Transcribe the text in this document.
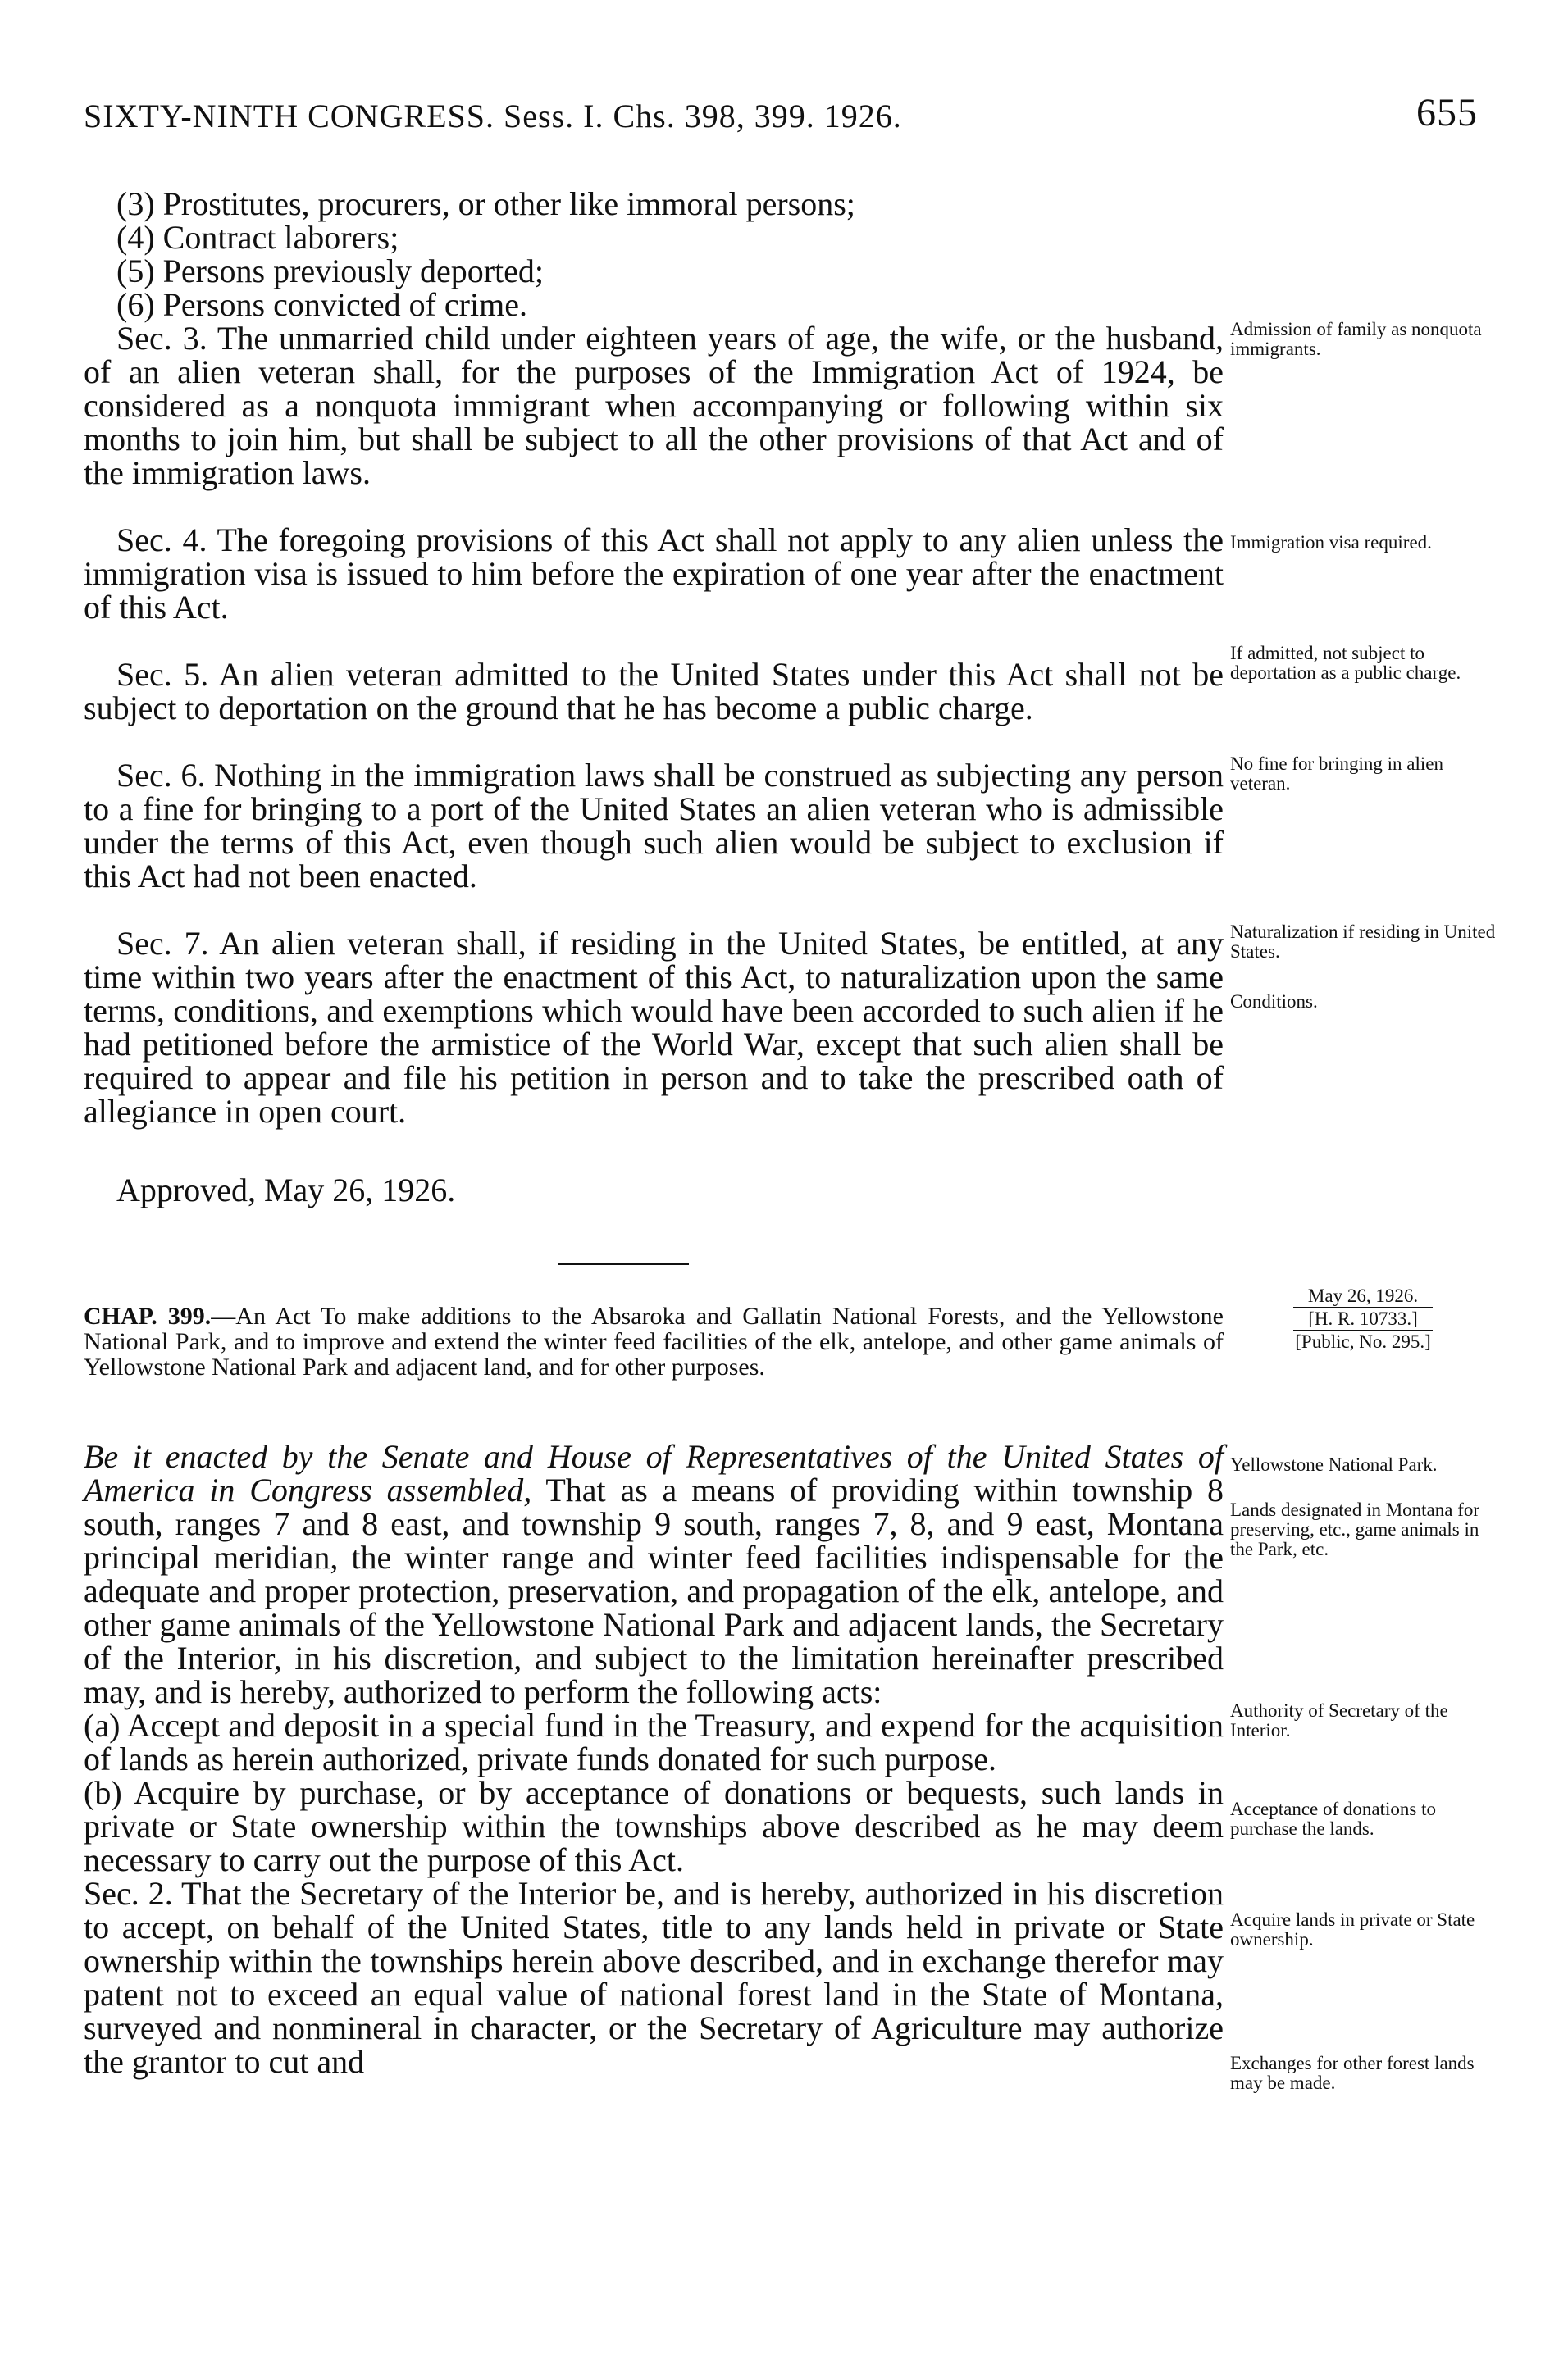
SIXTY-NINTH CONGRESS. Sess. I. Chs. 398, 399. 1926.	655
(3) Prostitutes, procurers, or other like immoral persons;
(4) Contract laborers;
(5) Persons previously deported;
(6) Persons convicted of crime.

Sec. 3. The unmarried child under eighteen years of age, the wife, or the husband, of an alien veteran shall, for the purposes of the Immigration Act of 1924, be considered as a nonquota immigrant when accompanying or following within six months to join him, but shall be subject to all the other provisions of that Act and of the immigration laws.

Admission of family as nonquota immigrants.

Sec. 4. The foregoing provisions of this Act shall not apply to any alien unless the immigration visa is issued to him before the expiration of one year after the enactment of this Act.

Immigration visa required.

Sec. 5. An alien veteran admitted to the United States under this Act shall not be subject to deportation on the ground that he has become a public charge.

If admitted, not subject to deportation as a public charge.

Sec. 6. Nothing in the immigration laws shall be construed as subjecting any person to a fine for bringing to a port of the United States an alien veteran who is admissible under the terms of this Act, even though such alien would be subject to exclusion if this Act had not been enacted.

No fine for bringing in alien veteran.

Sec. 7. An alien veteran shall, if residing in the United States, be entitled, at any time within two years after the enactment of this Act, to naturalization upon the same terms, conditions, and exemptions which would have been accorded to such alien if he had petitioned before the armistice of the World War, except that such alien shall be required to appear and file his petition in person and to take the prescribed oath of allegiance in open court.

Naturalization if residing in United States.
Conditions.
Approved, May 26, 1926.
May 26, 1926.
[H. R. 10733.]
[Public, No. 295.]
CHAP. 399.—An Act To make additions to the Absaroka and Gallatin National Forests, and the Yellowstone National Park, and to improve and extend the winter feed facilities of the elk, antelope, and other game animals of Yellowstone National Park and adjacent land, and for other purposes.

Be it enacted by the Senate and House of Representatives of the United States of America in Congress assembled, That as a means of providing within township 8 south, ranges 7 and 8 east, and township 9 south, ranges 7, 8, and 9 east, Montana principal meridian, the winter range and winter feed facilities indispensable for the adequate and proper protection, preservation, and propagation of the elk, antelope, and other game animals of the Yellowstone National Park and adjacent lands, the Secretary of the Interior, in his discretion, and subject to the limitation hereinafter prescribed may, and is hereby, authorized to perform the following acts:

(a) Accept and deposit in a special fund in the Treasury, and expend for the acquisition of lands as herein authorized, private funds donated for such purpose.

(b) Acquire by purchase, or by acceptance of donations or bequests, such lands in private or State ownership within the townships above described as he may deem necessary to carry out the purpose of this Act.

Sec. 2. That the Secretary of the Interior be, and is hereby, authorized in his discretion to accept, on behalf of the United States, title to any lands held in private or State ownership within the townships herein above described, and in exchange therefor may patent not to exceed an equal value of national forest land in the State of Montana, surveyed and nonmineral in character, or the Secretary of Agriculture may authorize the grantor to cut and

Yellowstone National Park.
Lands designated in Montana for preserving, etc., game animals in the Park, etc.
Authority of Secretary of the Interior.
Acceptance of donations to purchase the lands.
Acquire lands in private or State ownership.
Exchanges for other forest lands may be made.
